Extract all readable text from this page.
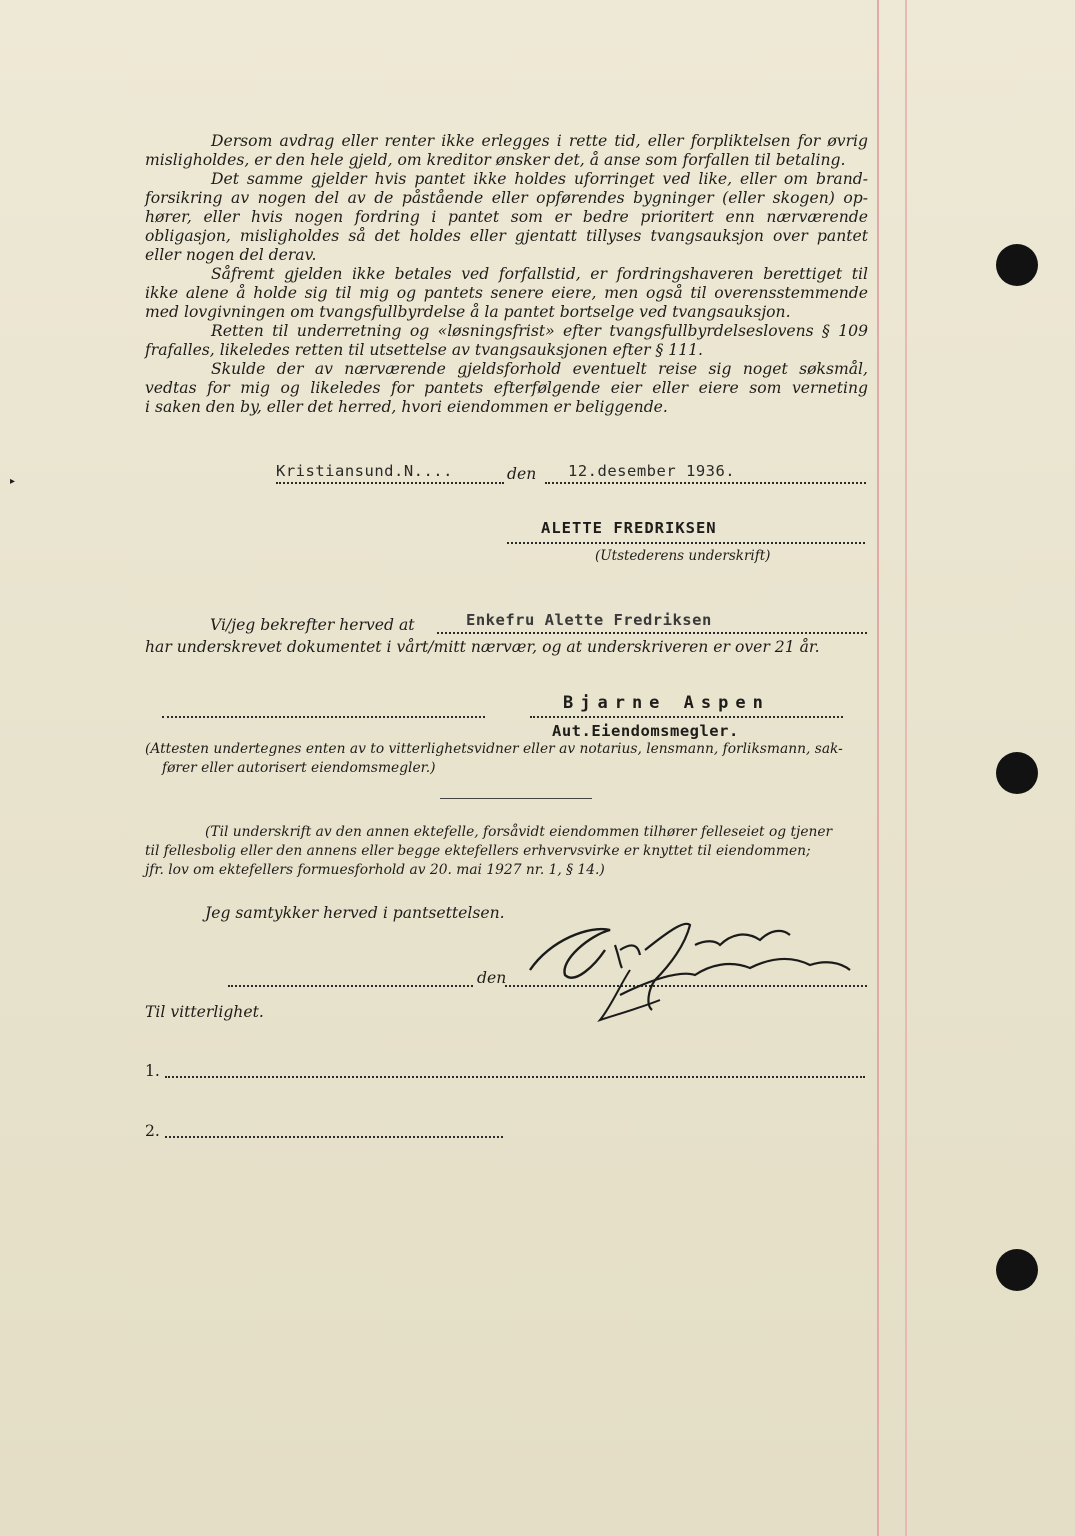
▸
Dersom avdrag eller renter ikke erlegges i rette tid, eller forpliktelsen for øvrig
misligholdes, er den hele gjeld, om kreditor ønsker det, å anse som forfallen til betaling.
Det samme gjelder hvis pantet ikke holdes uforringet ved like, eller om brand-
forsikring av nogen del av de påstående eller opførendes bygninger (eller skogen) op-
hører, eller hvis nogen fordring i pantet som er bedre prioritert enn nærværende
obligasjon, misligholdes så det holdes eller gjentatt tillyses tvangsauksjon over pantet
eller nogen del derav.
Såfremt gjelden ikke betales ved forfallstid, er fordringshaveren berettiget til
ikke alene å holde sig til mig og pantets senere eiere, men også til overensstemmende
med lovgivningen om tvangsfullbyrdelse å la pantet bortselge ved tvangsauksjon.
Retten til underretning og «løsningsfrist» efter tvangsfullbyrdelseslovens § 109
frafalles, likeledes retten til utsettelse av tvangsauksjonen efter § 111.
Skulde der av nærværende gjeldsforhold eventuelt reise sig noget søksmål,
vedtas for mig og likeledes for pantets efterfølgende eier eller eiere som verneting
i saken den by, eller det herred, hvori eiendommen er beliggende.
Kristiansund.N....	den 12.desember 1936.
ALETTE FREDRIKSEN
(Utstederens underskrift)
Vi/jeg bekrefter herved at	Enkefru Alette Fredriksen
har underskrevet dokumentet i vårt/mitt nærvær, og at underskriveren er over 21 år.
Bjarne Aspen
Aut.Eiendomsmegler.
(Attesten undertegnes enten av to vitterlighetsvidner eller av notarius, lensmann, forliksmann, sak-
fører eller autorisert eiendomsmegler.)
(Til underskrift av den annen ektefelle, forsåvidt eiendommen tilhører felleseiet og tjener
til fellesbolig eller den annens eller begge ektefellers erhvervsvirke er knyttet til eiendommen;
jfr. lov om ektefellers formuesforhold av 20. mai 1927 nr. 1, § 14.)
Jeg samtykker herved i pantsettelsen.
den
Til vitterlighet.
1.
2.
